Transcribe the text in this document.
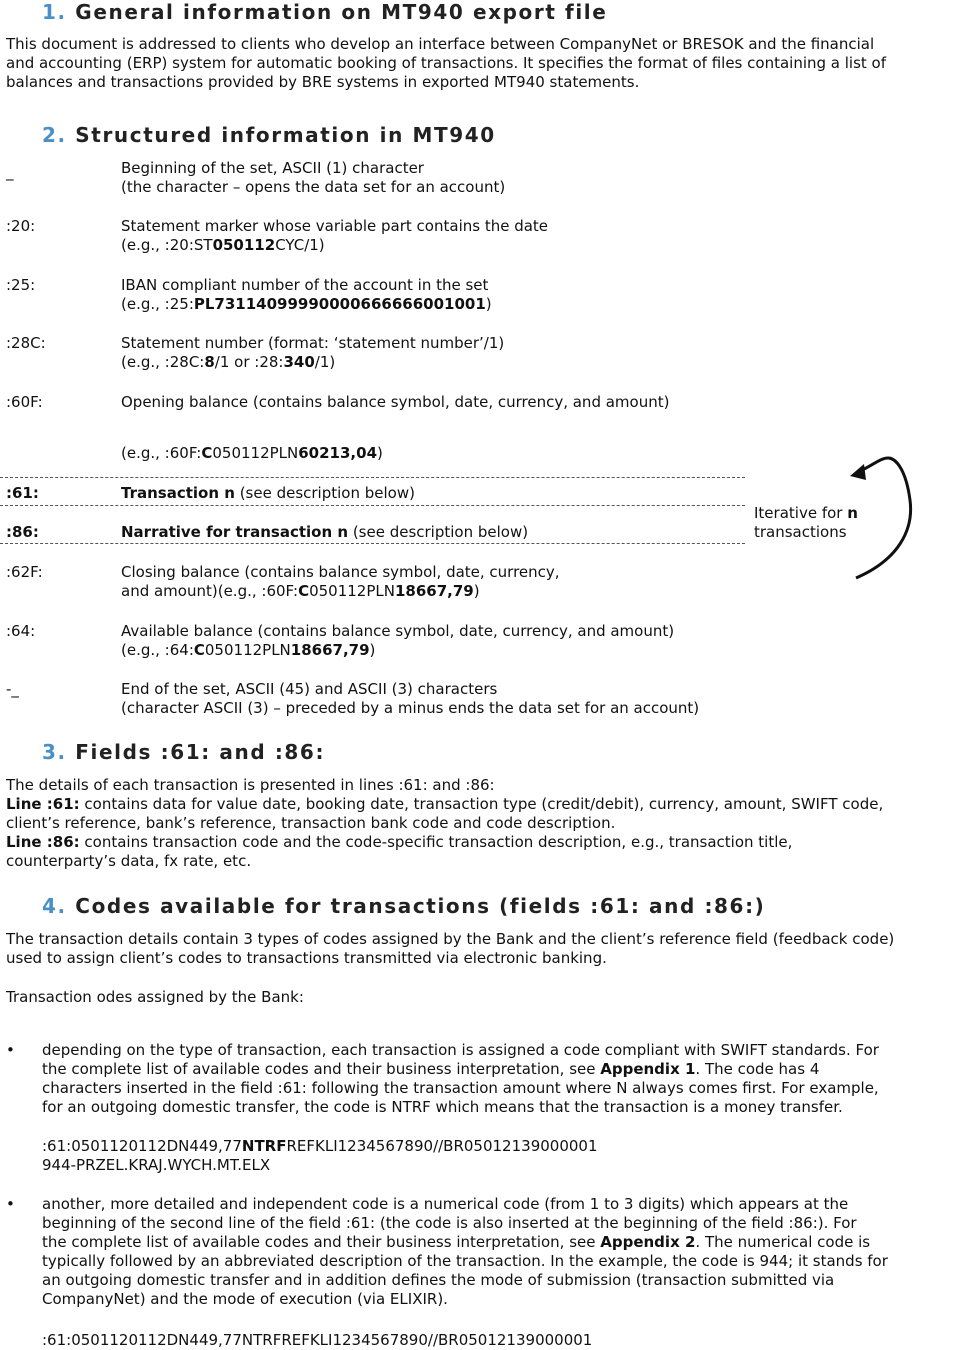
1. General information on MT940 export file
This document is addressed to clients who develop an interface between CompanyNet or BRESOK and the financial
and accounting (ERP) system for automatic booking of transactions. It specifies the format of files containing a list of
balances and transactions provided by BRE systems in exported MT940 statements.
2. Structured information in MT940
_	Beginning of the set, ASCII (1) character
(the character – opens the data set for an account)
:20:	Statement marker whose variable part contains the date
(e.g., :20:ST050112CYC/1)
:25:	IBAN compliant number of the account in the set
(e.g., :25:PL73114099990000666666001001)
:28C:	Statement number (format: ‘statement number’/1)
(e.g., :28C:8/1 or :28:340/1)
:60F:	Opening balance (contains balance symbol, date, currency, and amount)
(e.g., :60F:C050112PLN60213,04)
:61:	Transaction n (see description below)
:86:	Narrative for transaction n (see description below)
Iterative for n
transactions
:62F:	Closing balance (contains balance symbol, date, currency,
and amount)(e.g., :60F:C050112PLN18667,79)
:64:	Available balance (contains balance symbol, date, currency, and amount)
(e.g., :64:C050112PLN18667,79)
-_	End of the set, ASCII (45) and ASCII (3) characters
(character ASCII (3) – preceded by a minus ends the data set for an account)
3. Fields :61: and :86:
The details of each transaction is presented in lines :61: and :86:
Line :61: contains data for value date, booking date, transaction type (credit/debit), currency, amount, SWIFT code,
client’s reference, bank’s reference, transaction bank code and code description.
Line :86: contains transaction code and the code-specific transaction description, e.g., transaction title,
counterparty’s data, fx rate, etc.
4. Codes available for transactions (fields :61: and :86:)
The transaction details contain 3 types of codes assigned by the Bank and the client’s reference field (feedback code)
used to assign client’s codes to transactions transmitted via electronic banking.
Transaction odes assigned by the Bank:
• depending on the type of transaction, each transaction is assigned a code compliant with SWIFT standards. For
the complete list of available codes and their business interpretation, see Appendix 1. The code has 4
characters inserted in the field :61: following the transaction amount where N always comes first. For example,
for an outgoing domestic transfer, the code is NTRF which means that the transaction is a money transfer.
:61:0501120112DN449,77NTRFREFKLI1234567890//BR05012139000001
944-PRZEL.KRAJ.WYCH.MT.ELX
• another, more detailed and independent code is a numerical code (from 1 to 3 digits) which appears at the
beginning of the second line of the field :61: (the code is also inserted at the beginning of the field :86:). For
the complete list of available codes and their business interpretation, see Appendix 2. The numerical code is
typically followed by an abbreviated description of the transaction. In the example, the code is 944; it stands for
an outgoing domestic transfer and in addition defines the mode of submission (transaction submitted via
CompanyNet) and the mode of execution (via ELIXIR).
:61:0501120112DN449,77NTRFREFKLI1234567890//BR05012139000001
